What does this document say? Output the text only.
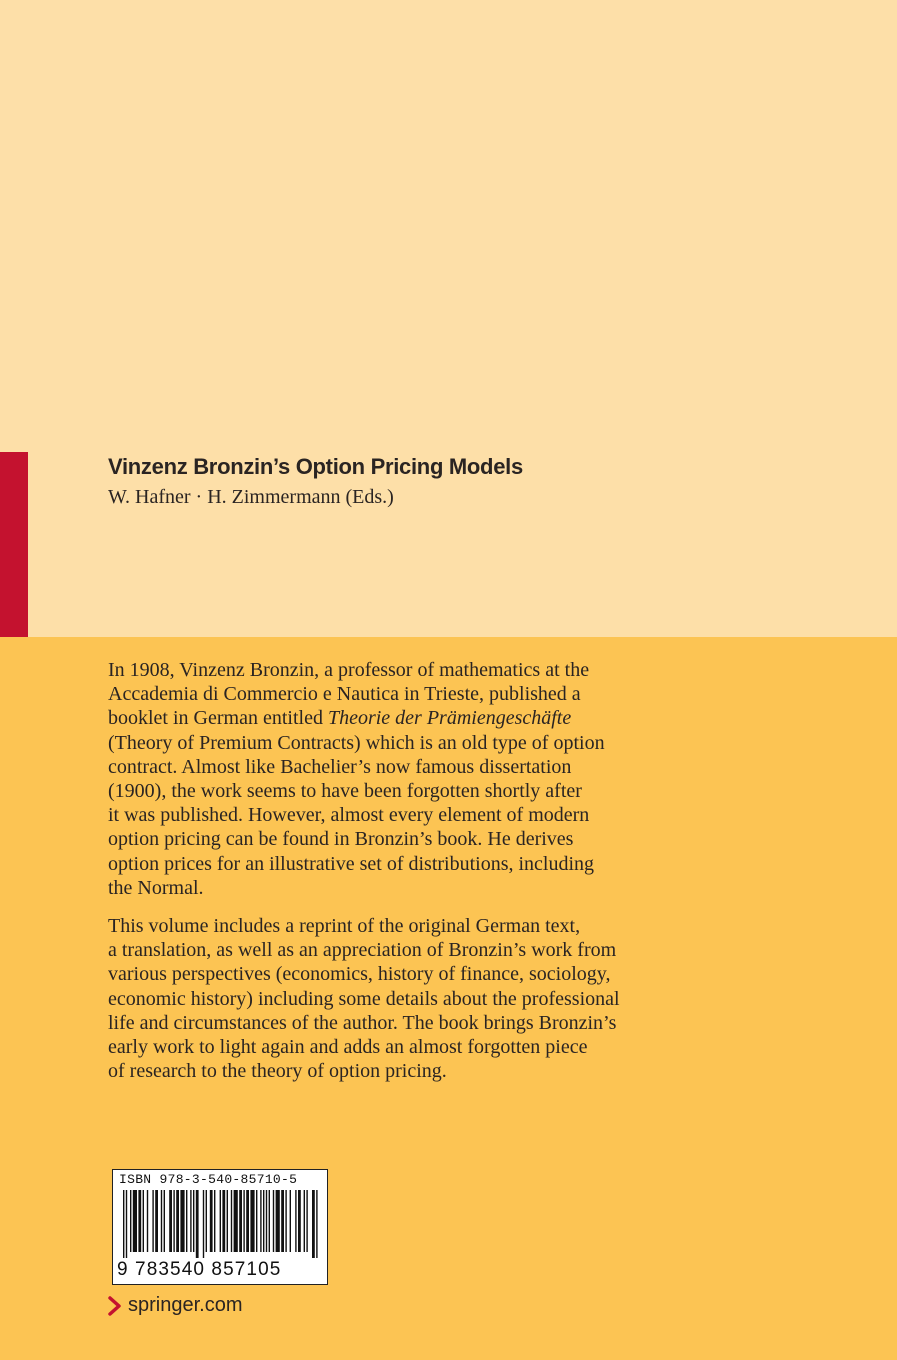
Vinzenz Bronzin’s Option Pricing Models
W. Hafner · H. Zimmermann (Eds.)
In 1908, Vinzenz Bronzin, a professor of mathematics at the
Accademia di Commercio e Nautica in Trieste, published a
booklet in German entitled Theorie der Prämiengeschäfte
(Theory of Premium Contracts) which is an old type of option
contract. Almost like Bachelier’s now famous dissertation
(1900), the work seems to have been forgotten shortly after
it was published. However, almost every element of modern
option pricing can be found in Bronzin’s book. He derives
option prices for an illustrative set of distributions, including
the Normal.
This volume includes a reprint of the original German text,
a translation, as well as an appreciation of Bronzin’s work from
various perspectives (economics, history of finance, sociology,
economic history) including some details about the professional
life and circumstances of the author. The book brings Bronzin’s
early work to light again and adds an almost forgotten piece
of research to the theory of option pricing.
ISBN 978-3-540-85710-5
9 783540 857105
springer.com
